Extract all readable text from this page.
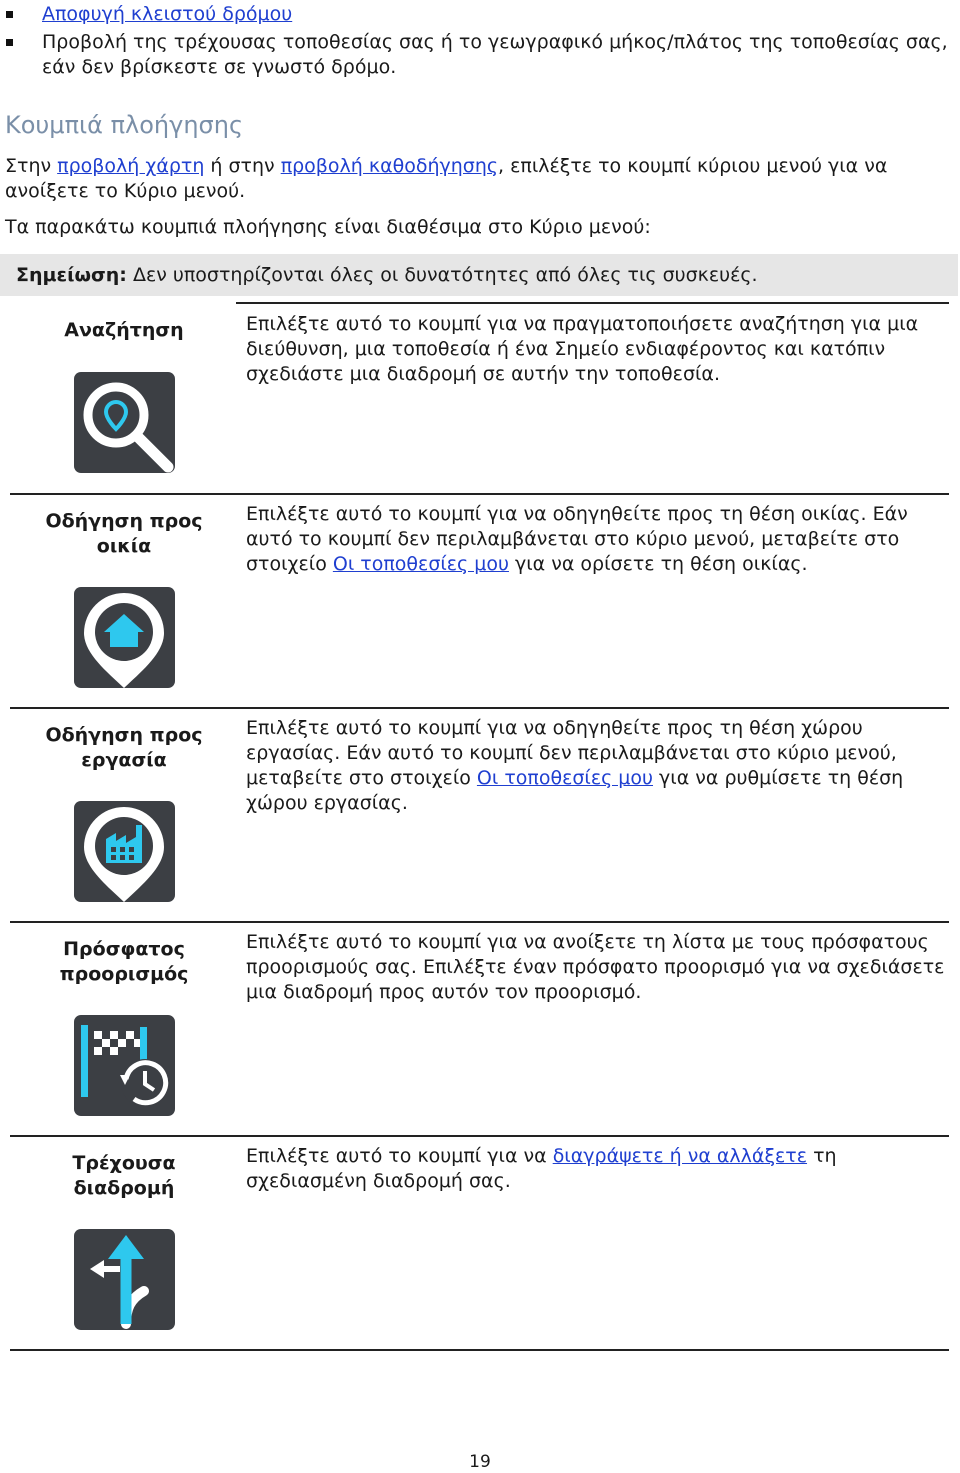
Αποφυγή κλειστού δρόμου
Προβολή της τρέχουσας τοποθεσίας σας ή το γεωγραφικό μήκος/πλάτος της τοποθεσίας σας, εάν δεν βρίσκεστε σε γνωστό δρόμο.
Κουμπιά πλοήγησης

Στην προβολή χάρτη ή στην προβολή καθοδήγησης, επιλέξτε το κουμπί κύριου μενού για να ανοίξετε το Κύριο μενού.

Τα παρακάτω κουμπιά πλοήγησης είναι διαθέσιμα στο Κύριο μενού:

Σημείωση: Δεν υποστηρίζονται όλες οι δυνατότητες από όλες τις συσκευές.
Αναζήτηση	Επιλέξτε αυτό το κουμπί για να πραγματοποιήσετε αναζήτηση για μια διεύθυνση, μια τοποθεσία ή ένα Σημείο ενδιαφέροντος και κατόπιν σχεδιάστε μια διαδρομή σε αυτήν την τοποθεσία.
Οδήγηση προς οικία
Επιλέξτε αυτό το κουμπί για να οδηγηθείτε προς τη θέση οικίας. Εάν αυτό το κουμπί δεν περιλαμβάνεται στο κύριο μενού, μεταβείτε στο στοιχείο Οι τοποθεσίες μου για να ορίσετε τη θέση οικίας.
Οδήγηση προς εργασία
Επιλέξτε αυτό το κουμπί για να οδηγηθείτε προς τη θέση χώρου εργασίας. Εάν αυτό το κουμπί δεν περιλαμβάνεται στο κύριο μενού, μεταβείτε στο στοιχείο Οι τοποθεσίες μου για να ρυθμίσετε τη θέση χώρου εργασίας.
Πρόσφατος προορισμός
Επιλέξτε αυτό το κουμπί για να ανοίξετε τη λίστα με τους πρόσφατους προορισμούς σας. Επιλέξτε έναν πρόσφατο προορισμό για να σχεδιάσετε μια διαδρομή προς αυτόν τον προορισμό.
Τρέχουσα διαδρομή
Επιλέξτε αυτό το κουμπί για να διαγράψετε ή να αλλάξετε τη σχεδιασμένη διαδρομή σας.
19
